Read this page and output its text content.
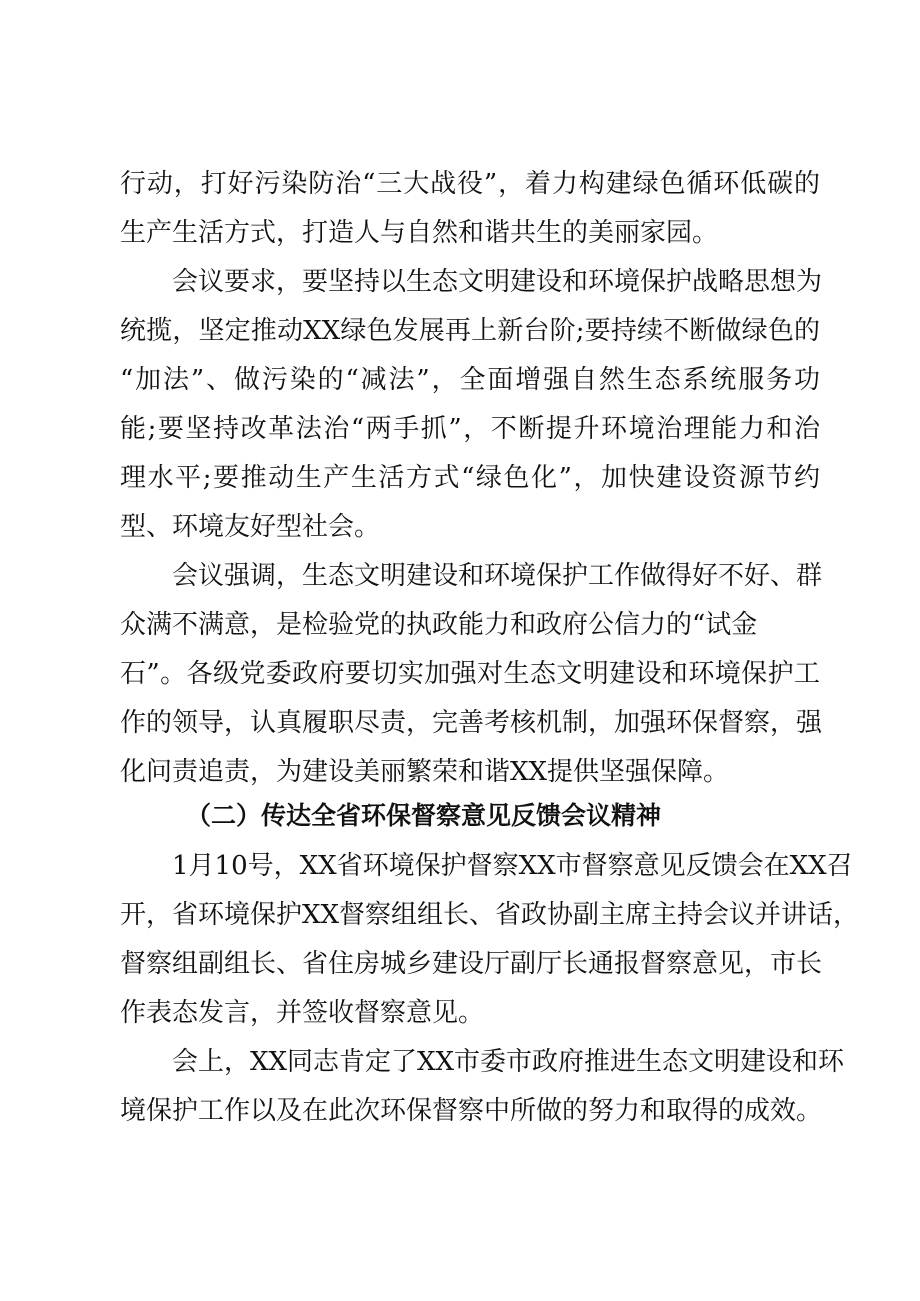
行动，打好污染防治“三大战役”，着力构建绿色循环低碳的
生产生活方式，打造人与自然和谐共生的美丽家园。
会议要求，要坚持以生态文明建设和环境保护战略思想为
统揽，坚定推动XX绿色发展再上新台阶;要持续不断做绿色的
“加法”、做污染的“减法”，全面增强自然生态系统服务功
能;要坚持改革法治“两手抓”，不断提升环境治理能力和治
理水平;要推动生产生活方式“绿色化”，加快建设资源节约
型、环境友好型社会。
会议强调，生态文明建设和环境保护工作做得好不好、群
众满不满意，是检验党的执政能力和政府公信力的“试金
石”。各级党委政府要切实加强对生态文明建设和环境保护工
作的领导，认真履职尽责，完善考核机制，加强环保督察，强
化问责追责，为建设美丽繁荣和谐XX提供坚强保障。
（二）传达全省环保督察意见反馈会议精神
1月10号，XX省环境保护督察XX市督察意见反馈会在XX召
开，省环境保护XX督察组组长、省政协副主席主持会议并讲话，
督察组副组长、省住房城乡建设厅副厅长通报督察意见，市长
作表态发言，并签收督察意见。
会上，XX同志肯定了XX市委市政府推进生态文明建设和环
境保护工作以及在此次环保督察中所做的努力和取得的成效。
